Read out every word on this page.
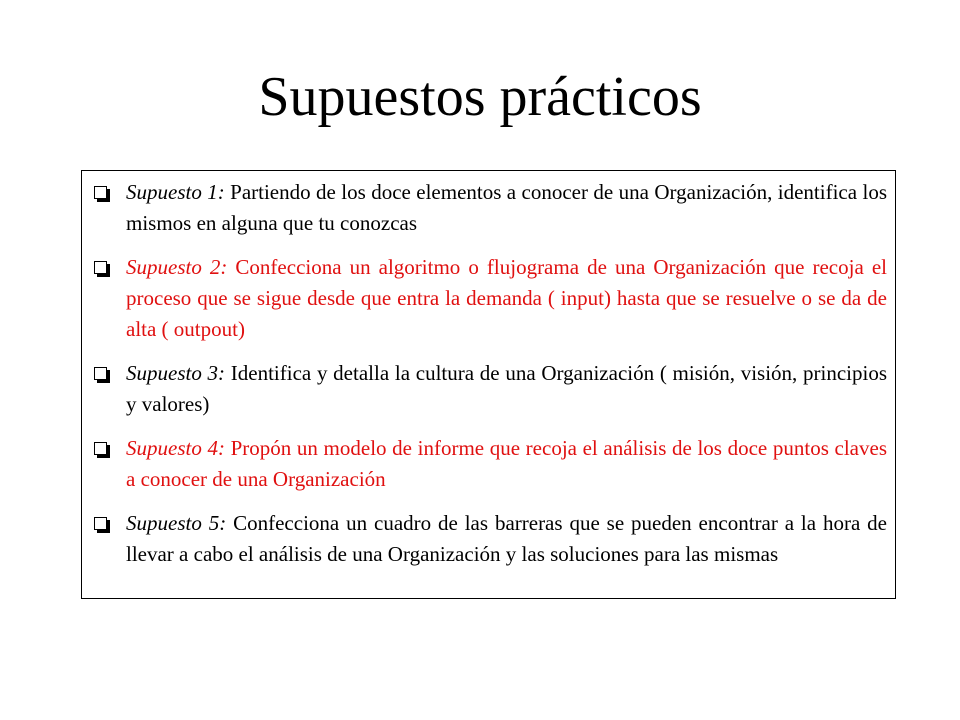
Supuestos prácticos
Supuesto 1: Partiendo de los doce elementos a conocer de una Organización, identifica los mismos en alguna que tu conozcas
Supuesto 2: Confecciona un algoritmo o flujograma de una Organización que recoja el proceso que se sigue desde que entra la demanda ( input) hasta que se resuelve o se da de alta ( outpout)
Supuesto 3: Identifica y detalla la cultura de una Organización ( misión, visión, principios y valores)
Supuesto 4: Propón un modelo de informe que recoja el análisis de los doce puntos claves a conocer de una Organización
Supuesto 5: Confecciona un cuadro de las barreras que se pueden encontrar a la hora de llevar a cabo el análisis de una Organización y las soluciones para las mismas
